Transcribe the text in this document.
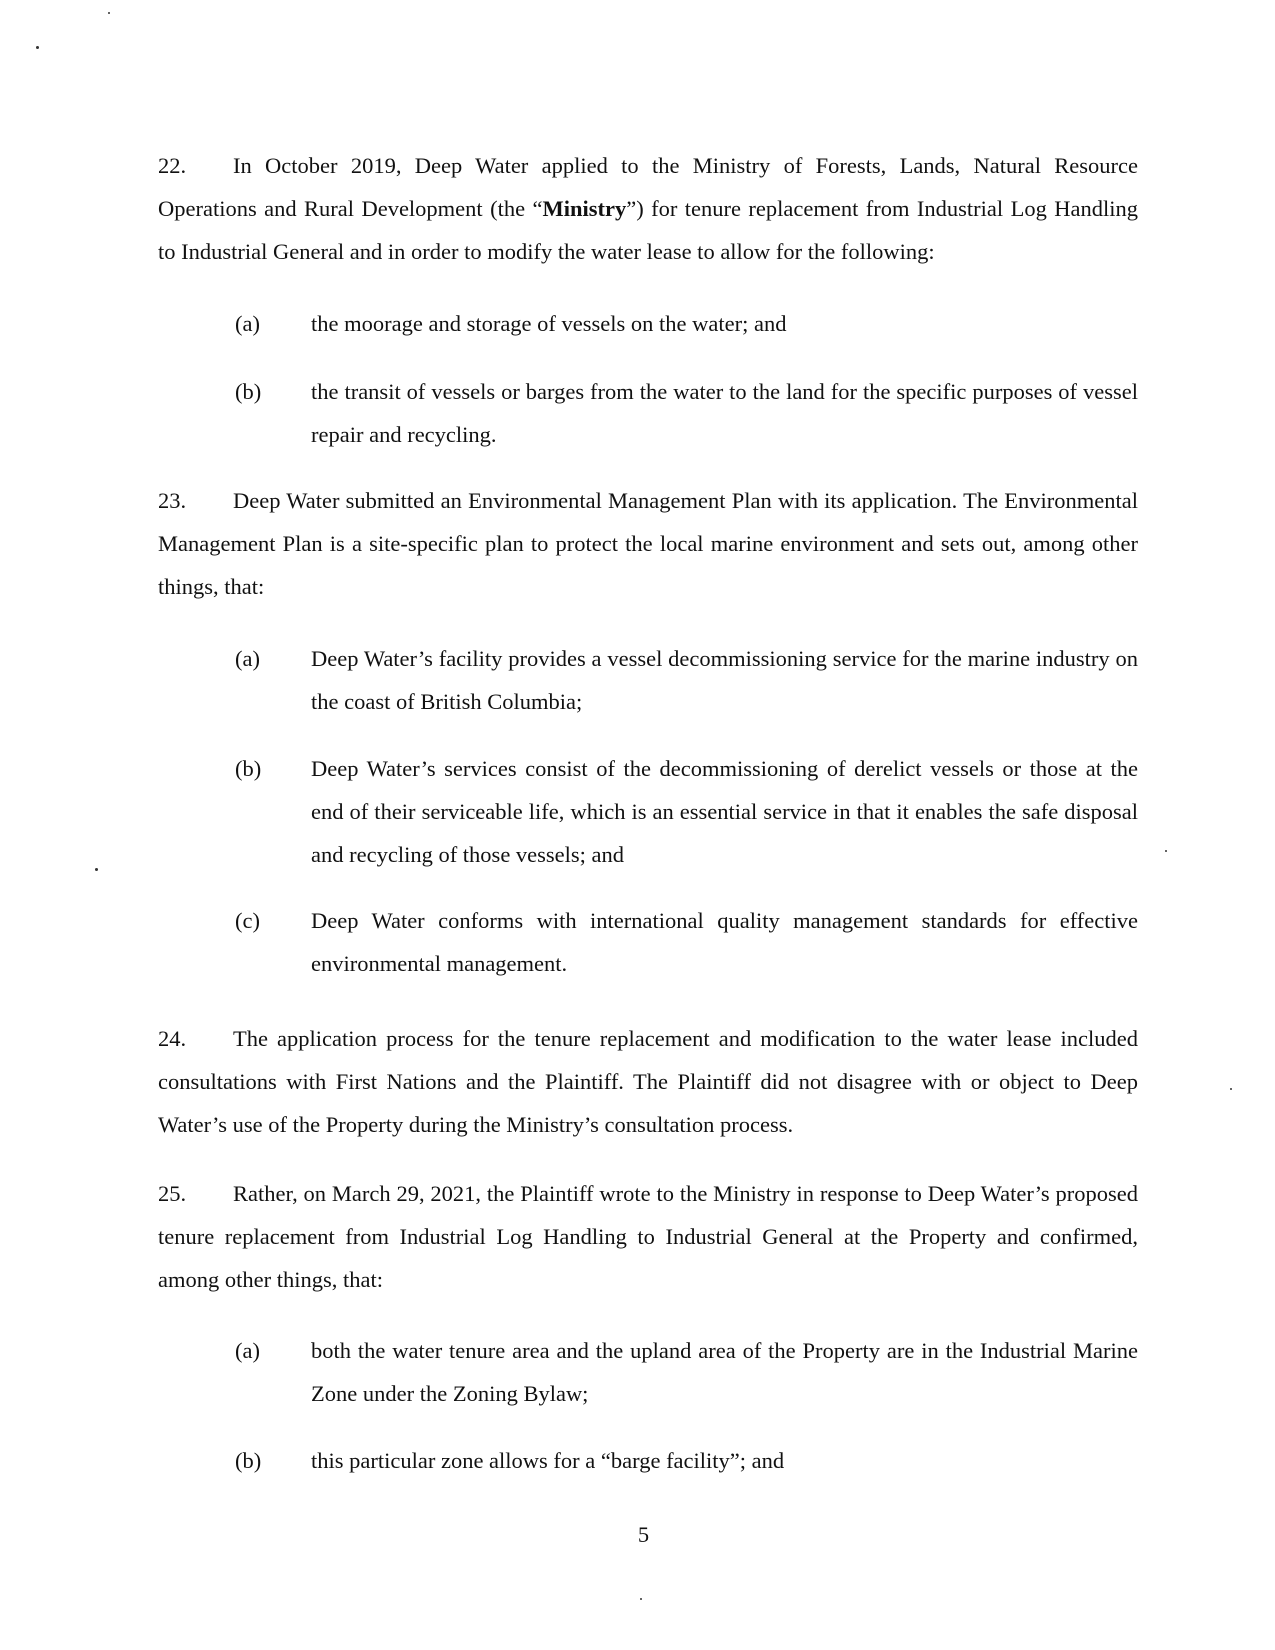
22. In October 2019, Deep Water applied to the Ministry of Forests, Lands, Natural Resource Operations and Rural Development (the “Ministry”) for tenure replacement from Industrial Log Handling to Industrial General and in order to modify the water lease to allow for the following:
(a) the moorage and storage of vessels on the water; and
(b) the transit of vessels or barges from the water to the land for the specific purposes of vessel repair and recycling.
23. Deep Water submitted an Environmental Management Plan with its application. The Environmental Management Plan is a site-specific plan to protect the local marine environment and sets out, among other things, that:
(a) Deep Water’s facility provides a vessel decommissioning service for the marine industry on the coast of British Columbia;
(b) Deep Water’s services consist of the decommissioning of derelict vessels or those at the end of their serviceable life, which is an essential service in that it enables the safe disposal and recycling of those vessels; and
(c) Deep Water conforms with international quality management standards for effective environmental management.
24. The application process for the tenure replacement and modification to the water lease included consultations with First Nations and the Plaintiff. The Plaintiff did not disagree with or object to Deep Water’s use of the Property during the Ministry’s consultation process.
25. Rather, on March 29, 2021, the Plaintiff wrote to the Ministry in response to Deep Water’s proposed tenure replacement from Industrial Log Handling to Industrial General at the Property and confirmed, among other things, that:
(a) both the water tenure area and the upland area of the Property are in the Industrial Marine Zone under the Zoning Bylaw;
(b) this particular zone allows for a “barge facility”; and
5
